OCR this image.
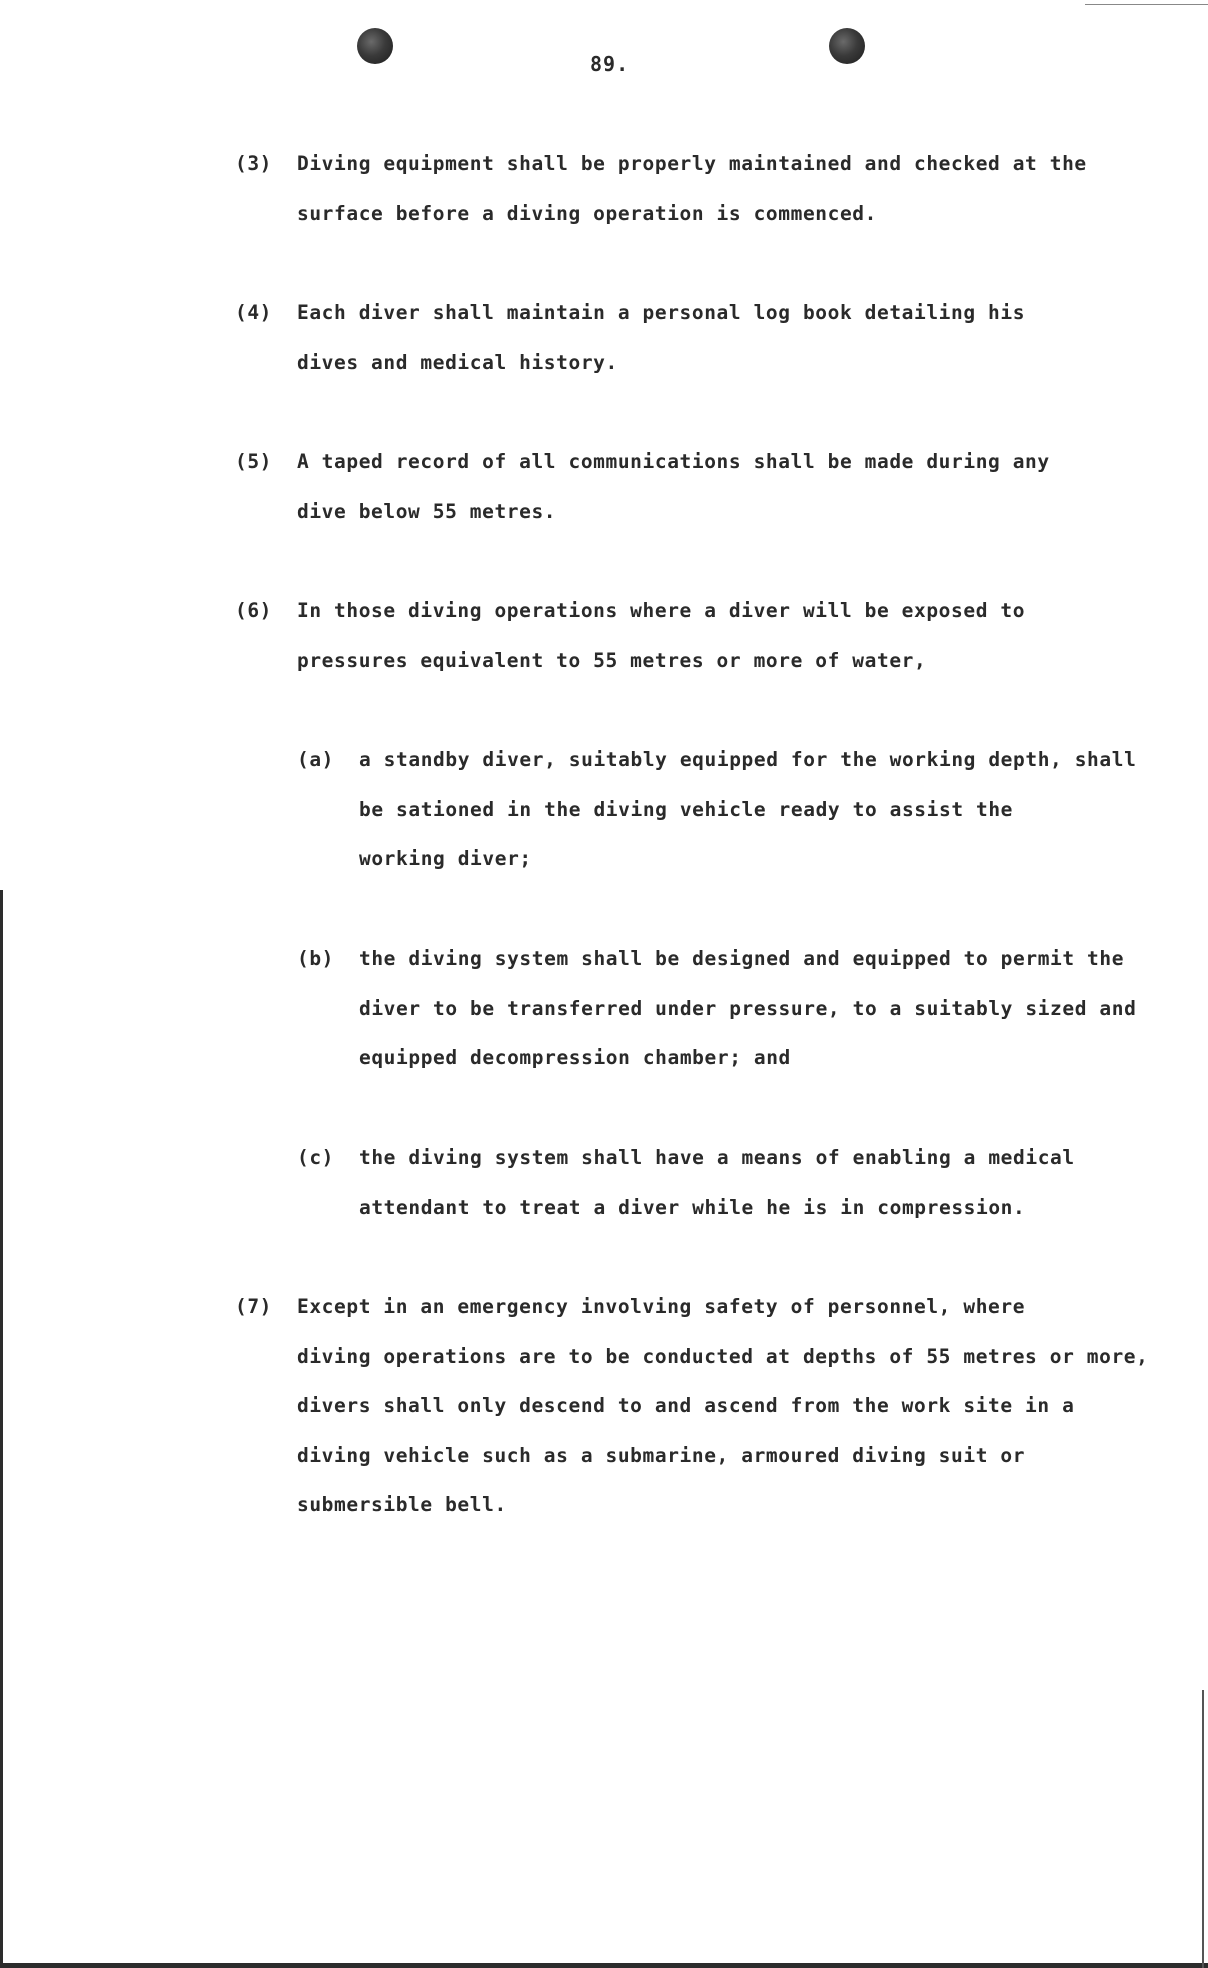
89.
(3) Diving equipment shall be properly maintained and checked at the
surface before a diving operation is commenced.
(4) Each diver shall maintain a personal log book detailing his
dives and medical history.
(5) A taped record of all communications shall be made during any
dive below 55 metres.
(6) In those diving operations where a diver will be exposed to
pressures equivalent to 55 metres or more of water,
(a) a standby diver, suitably equipped for the working depth, shall
be sationed in the diving vehicle ready to assist the
working diver;
(b) the diving system shall be designed and equipped to permit the
diver to be transferred under pressure, to a suitably sized and
equipped decompression chamber; and
(c) the diving system shall have a means of enabling a medical
attendant to treat a diver while he is in compression.
(7) Except in an emergency involving safety of personnel, where
diving operations are to be conducted at depths of 55 metres or more,
divers shall only descend to and ascend from the work site in a
diving vehicle such as a submarine, armoured diving suit or
submersible bell.
